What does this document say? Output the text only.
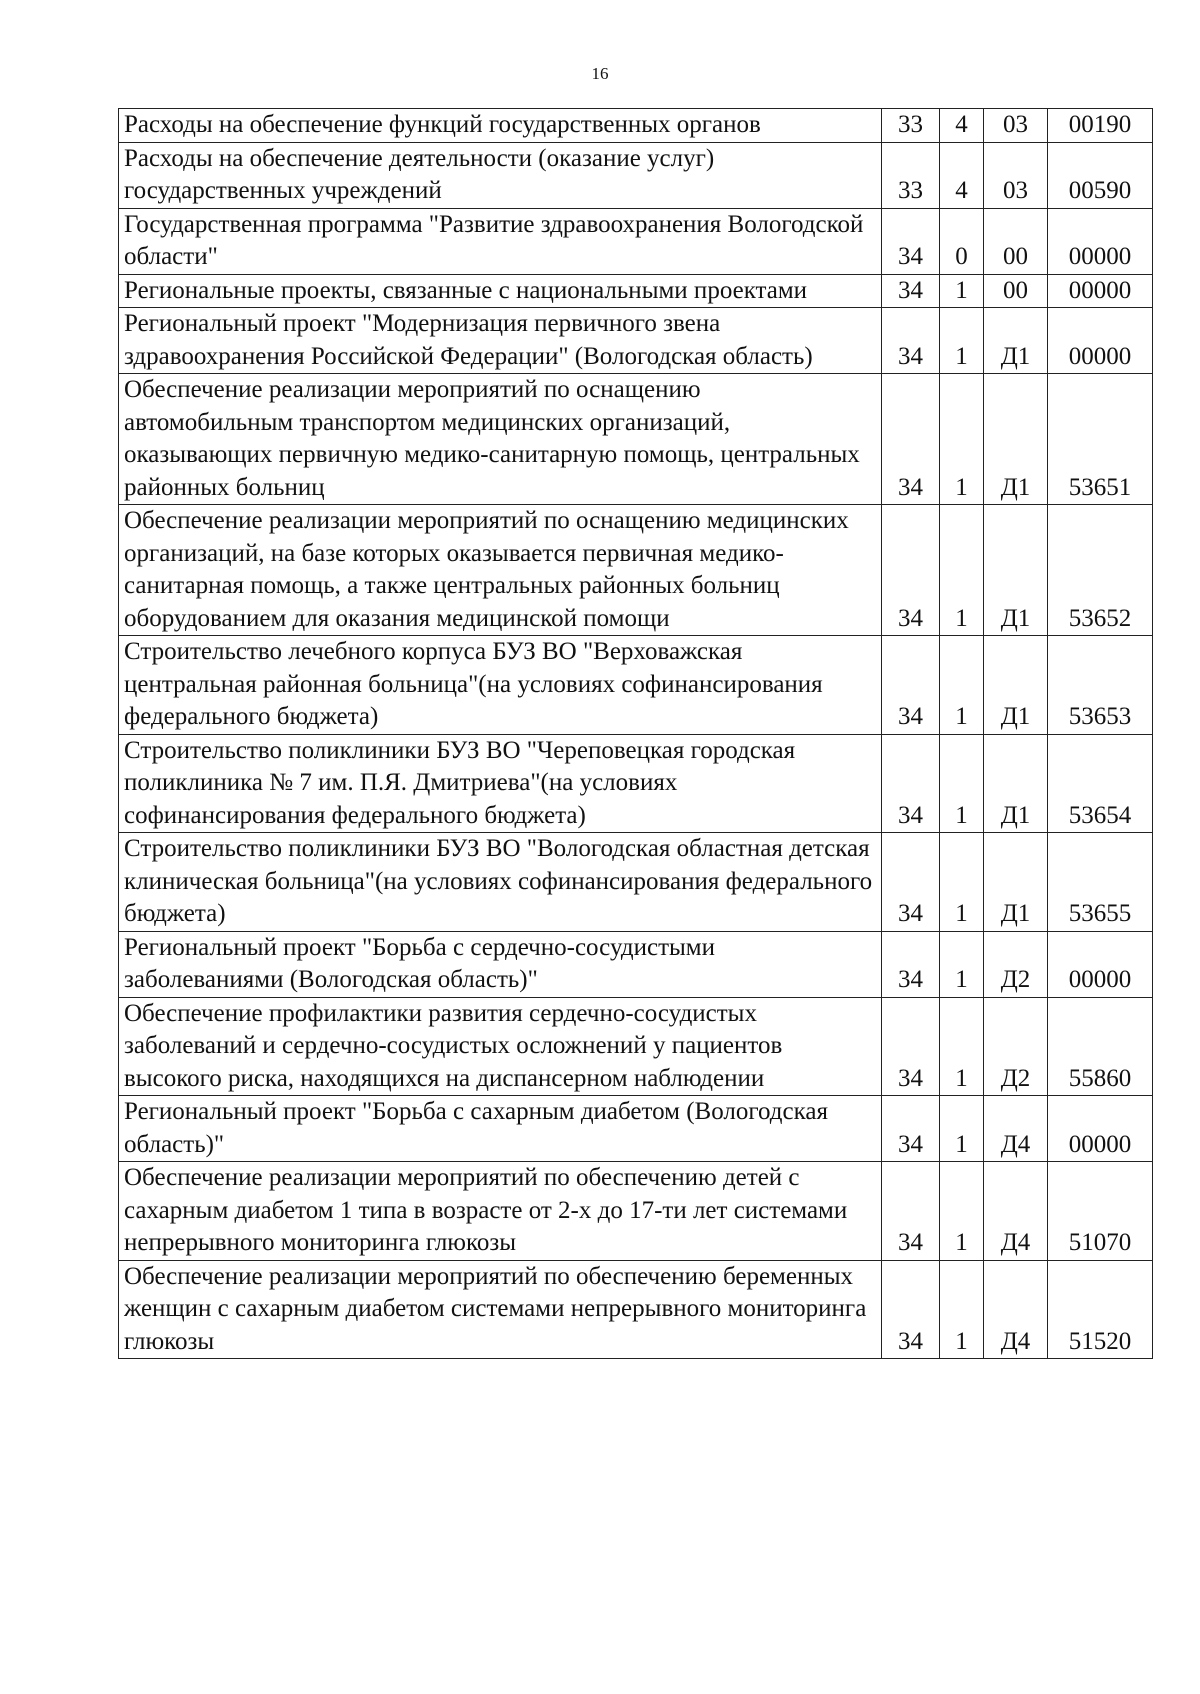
16
Расходы на обеспечение функций государственных органов	33	4	03	00190
Расходы на обеспечение деятельности (оказание услуг) государственных учреждений	33	4	03	00590
Государственная программа "Развитие здравоохранения Вологодской области"	34	0	00	00000
Региональные проекты, связанные с национальными проектами	34	1	00	00000
Региональный проект "Модернизация первичного звена здравоохранения Российской Федерации" (Вологодская область)	34	1	Д1	00000
Обеспечение реализации мероприятий по оснащению автомобильным транспортом медицинских организаций, оказывающих первичную медико-санитарную помощь, центральных районных больниц	34	1	Д1	53651
Обеспечение реализации мероприятий по оснащению медицинских организаций, на базе которых оказывается первичная медико-санитарная помощь, а также центральных районных больниц оборудованием для оказания медицинской помощи	34	1	Д1	53652
Строительство лечебного корпуса БУЗ ВО "Верховажская центральная районная больница"(на условиях софинансирования федерального бюджета)	34	1	Д1	53653
Строительство поликлиники БУЗ ВО "Череповецкая городская поликлиника № 7 им. П.Я. Дмитриева"(на условиях софинансирования федерального бюджета)	34	1	Д1	53654
Строительство поликлиники БУЗ ВО "Вологодская областная детская клиническая больница"(на условиях софинансирования федерального бюджета)	34	1	Д1	53655
Региональный проект "Борьба с сердечно-сосудистыми заболеваниями (Вологодская область)"	34	1	Д2	00000
Обеспечение профилактики развития сердечно-сосудистых заболеваний и сердечно-сосудистых осложнений у пациентов высокого риска, находящихся на диспансерном наблюдении	34	1	Д2	55860
Региональный проект "Борьба с сахарным диабетом (Вологодская область)"	34	1	Д4	00000
Обеспечение реализации мероприятий по обеспечению детей с сахарным диабетом 1 типа в возрасте от 2-х до 17-ти лет системами непрерывного мониторинга глюкозы	34	1	Д4	51070
Обеспечение реализации мероприятий по обеспечению беременных женщин с сахарным диабетом системами непрерывного мониторинга глюкозы	34	1	Д4	51520
